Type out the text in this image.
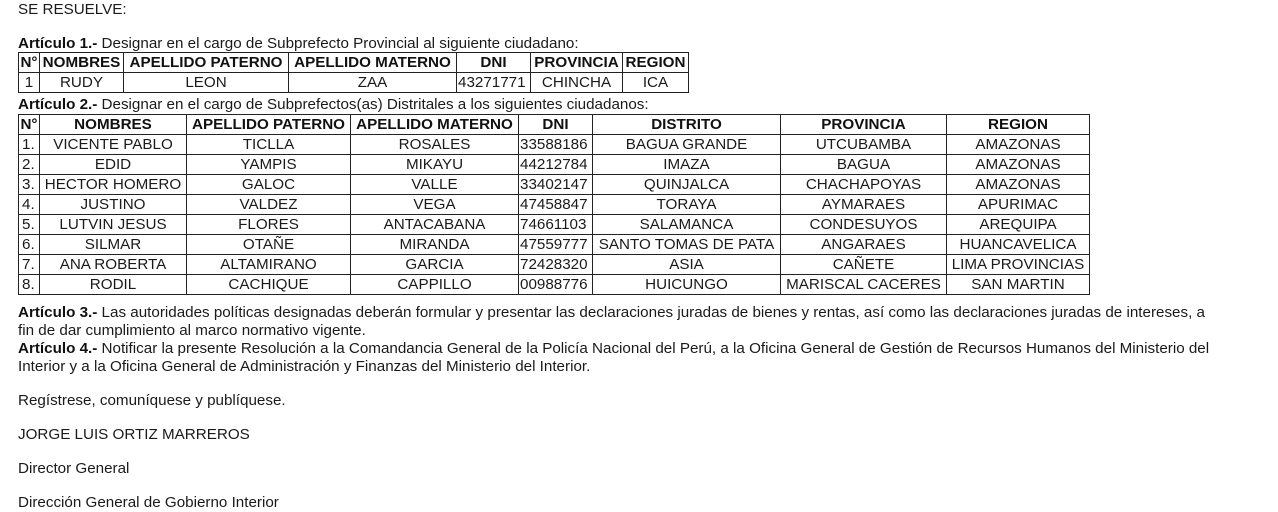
SE RESUELVE:
Artículo 1.- Designar en el cargo de Subprefecto Provincial al siguiente ciudadano:
N°	NOMBRES	APELLIDO PATERNO	APELLIDO MATERNO	DNI	PROVINCIA	REGION
1	RUDY	LEON	ZAA	43271771	CHINCHA	ICA
Artículo 2.- Designar en el cargo de Subprefectos(as) Distritales a los siguientes ciudadanos:
N°	NOMBRES	APELLIDO PATERNO	APELLIDO MATERNO	DNI	DISTRITO	PROVINCIA	REGION
1.	VICENTE PABLO	TICLLA	ROSALES	33588186	BAGUA GRANDE	UTCUBAMBA	AMAZONAS
2.	EDID	YAMPIS	MIKAYU	44212784	IMAZA	BAGUA	AMAZONAS
3.	HECTOR HOMERO	GALOC	VALLE	33402147	QUINJALCA	CHACHAPOYAS	AMAZONAS
4.	JUSTINO	VALDEZ	VEGA	47458847	TORAYA	AYMARAES	APURIMAC
5.	LUTVIN JESUS	FLORES	ANTACABANA	74661103	SALAMANCA	CONDESUYOS	AREQUIPA
6.	SILMAR	OTAÑE	MIRANDA	47559777	SANTO TOMAS DE PATA	ANGARAES	HUANCAVELICA
7.	ANA ROBERTA	ALTAMIRANO	GARCIA	72428320	ASIA	CAÑETE	LIMA PROVINCIAS
8.	RODIL	CACHIQUE	CAPPILLO	00988776	HUICUNGO	MARISCAL CACERES	SAN MARTIN
Artículo 3.- Las autoridades políticas designadas deberán formular y presentar las declaraciones juradas de bienes y rentas, así como las declaraciones juradas de intereses, a
fin de dar cumplimiento al marco normativo vigente.
Artículo 4.- Notificar la presente Resolución a la Comandancia General de la Policía Nacional del Perú, a la Oficina General de Gestión de Recursos Humanos del Ministerio del
Interior y a la Oficina General de Administración y Finanzas del Ministerio del Interior.
Regístrese, comuníquese y publíquese.
JORGE LUIS ORTIZ MARREROS
Director General
Dirección General de Gobierno Interior
